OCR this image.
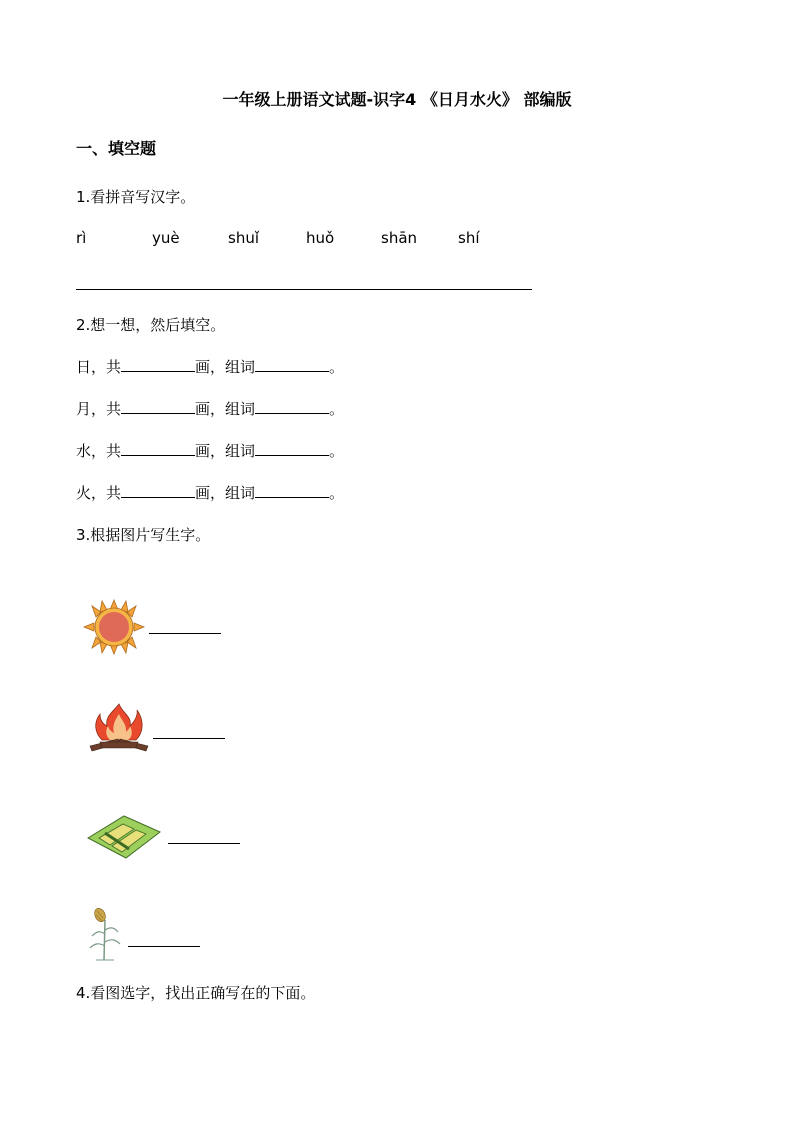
一年级上册语文试题-识字4 《日月水火》 部编版
一、填空题
1.看拼音写汉字。
rì	yuè	shuǐ	huǒ	shān	shí
2.想一想，然后填空。
日，共	画，组词	。
月，共	画，组词	。
水，共	画，组词	。
火，共	画，组词	。
3.根据图片写生字。
4.看图选字，找出正确写在的下面。
